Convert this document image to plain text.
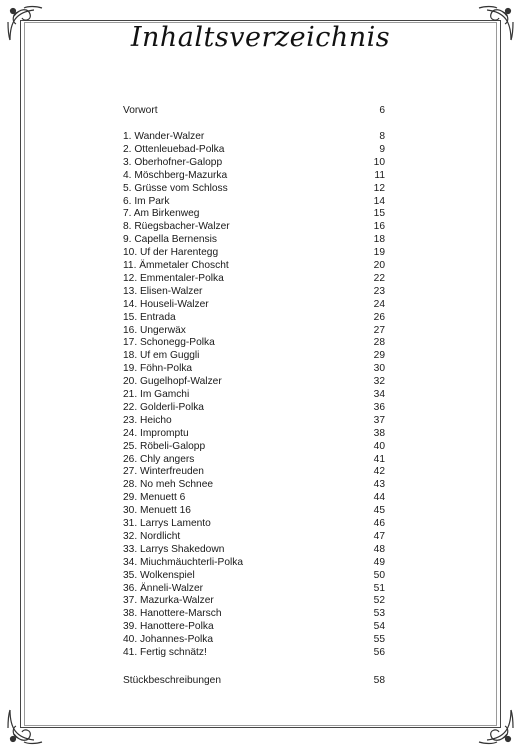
Inhaltsverzeichnis
Vorwort	6
1. Wander-Walzer	8
2. Ottenleuebad-Polka	9
3. Oberhofner-Galopp	10
4. Möschberg-Mazurka	11
5. Grüsse vom Schloss	12
6. Im Park	14
7. Am Birkenweg	15
8. Rüegsbacher-Walzer	16
9. Capella Bernensis	18
10. Uf der Harentegg	19
11. Ämmetaler Choscht	20
12. Emmentaler-Polka	22
13. Elisen-Walzer	23
14. Houseli-Walzer	24
15. Entrada	26
16. Ungerwäx	27
17. Schonegg-Polka	28
18. Uf em Guggli	29
19. Föhn-Polka	30
20. Gugelhopf-Walzer	32
21. Im Gamchi	34
22. Golderli-Polka	36
23. Heicho	37
24. Impromptu	38
25. Röbeli-Galopp	40
26. Chly angers	41
27. Winterfreuden	42
28. No meh Schnee	43
29. Menuett 6	44
30. Menuett 16	45
31. Larrys Lamento	46
32. Nordlicht	47
33. Larrys Shakedown	48
34. Miuchmäuchterli-Polka	49
35. Wolkenspiel	50
36. Änneli-Walzer	51
37. Mazurka-Walzer	52
38. Hanottere-Marsch	53
39. Hanottere-Polka	54
40. Johannes-Polka	55
41. Fertig schnätz!	56
Stückbeschreibungen	58
